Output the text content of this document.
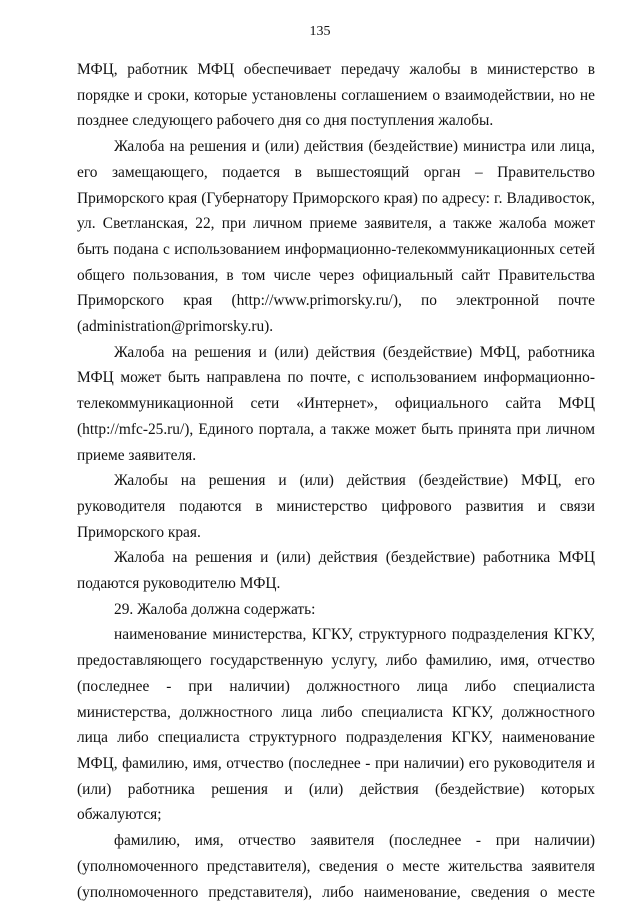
135

МФЦ, работник МФЦ обеспечивает передачу жалобы в министерство в порядке и сроки, которые установлены соглашением о взаимодействии, но не позднее следующего рабочего дня со дня поступления жалобы.

Жалоба на решения и (или) действия (бездействие) министра или лица, его замещающего, подается в вышестоящий орган – Правительство Приморского края (Губернатору Приморского края) по адресу: г. Владивосток, ул. Светланская, 22, при личном приеме заявителя, а также жалоба может быть подана с использованием информационно-телекоммуникационных сетей общего пользования, в том числе через официальный сайт Правительства Приморского края (http://www.primorsky.ru/), по электронной почте (administration@primorsky.ru).

Жалоба на решения и (или) действия (бездействие) МФЦ, работника МФЦ может быть направлена по почте, с использованием информационно-телекоммуникационной сети «Интернет», официального сайта МФЦ (http://mfc-25.ru/), Единого портала, а также может быть принята при личном приеме заявителя.

Жалобы на решения и (или) действия (бездействие) МФЦ, его руководителя подаются в министерство цифрового развития и связи Приморского края.

Жалоба на решения и (или) действия (бездействие) работника МФЦ подаются руководителю МФЦ.

29. Жалоба должна содержать:

наименование министерства, КГКУ, структурного подразделения КГКУ, предоставляющего государственную услугу, либо фамилию, имя, отчество (последнее - при наличии) должностного лица либо специалиста министерства, должностного лица либо специалиста КГКУ, должностного лица либо специалиста структурного подразделения КГКУ, наименование МФЦ, фамилию, имя, отчество (последнее - при наличии) его руководителя и (или) работника решения и (или) действия (бездействие) которых обжалуются;

фамилию, имя, отчество заявителя (последнее - при наличии) (уполномоченного представителя), сведения о месте жительства заявителя (уполномоченного представителя), либо наименование, сведения о месте
